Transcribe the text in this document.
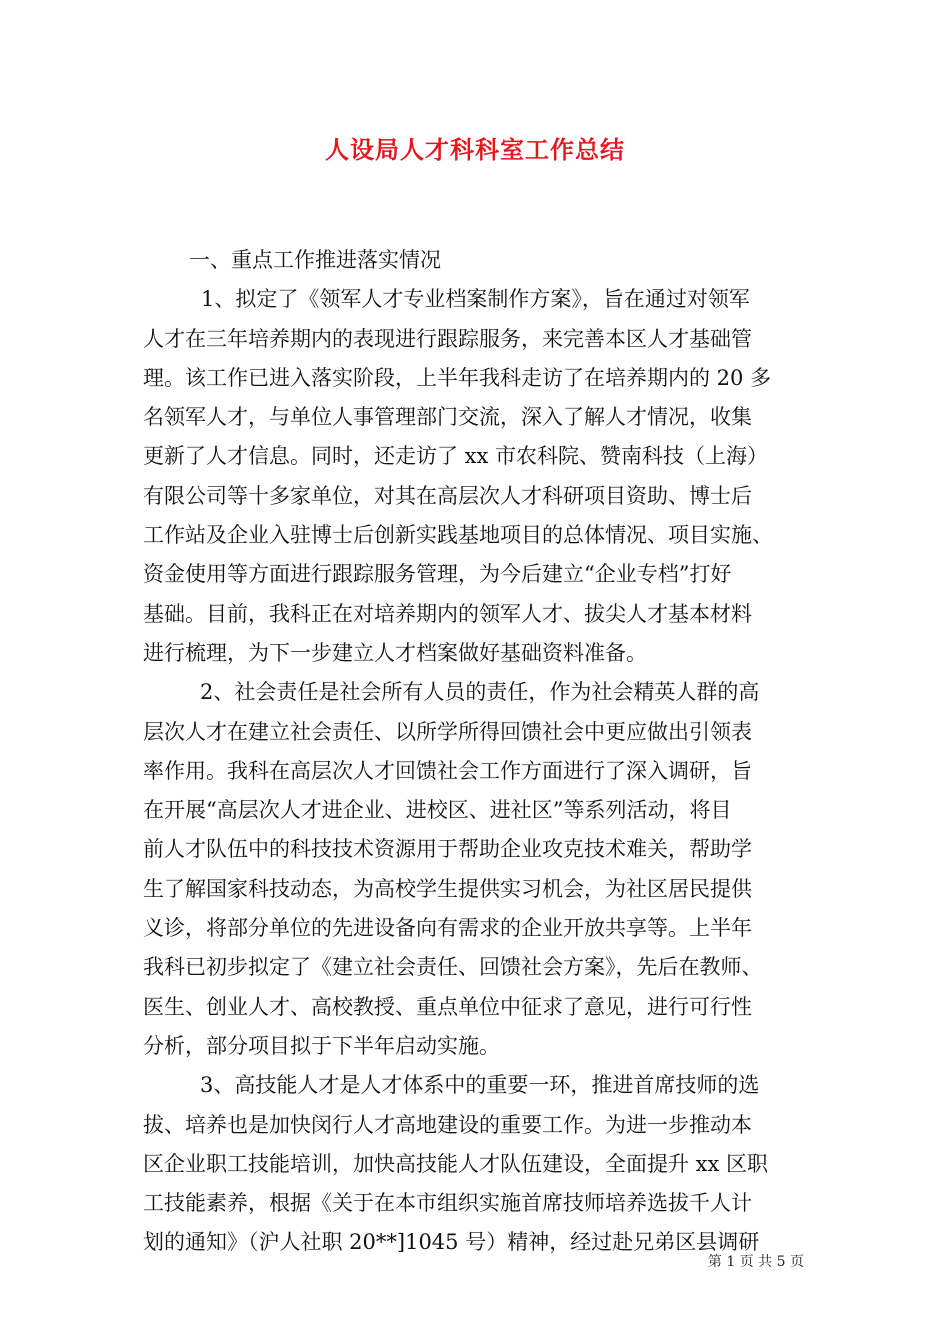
人设局人才科科室工作总结
一、重点工作推进落实情况
1、拟定了《领军人才专业档案制作方案》，旨在通过对领军
人才在三年培养期内的表现进行跟踪服务，来完善本区人才基础管
理。该工作已进入落实阶段，上半年我科走访了在培养期内的 20 多
名领军人才，与单位人事管理部门交流，深入了解人才情况，收集
更新了人才信息。同时，还走访了 xx 市农科院、赞南科技（上海）
有限公司等十多家单位，对其在高层次人才科研项目资助、博士后
工作站及企业入驻博士后创新实践基地项目的总体情况、项目实施、
资金使用等方面进行跟踪服务管理，为今后建立“企业专档”打好
基础。目前，我科正在对培养期内的领军人才、拔尖人才基本材料
进行梳理，为下一步建立人才档案做好基础资料准备。
2、社会责任是社会所有人员的责任，作为社会精英人群的高
层次人才在建立社会责任、以所学所得回馈社会中更应做出引领表
率作用。我科在高层次人才回馈社会工作方面进行了深入调研，旨
在开展“高层次人才进企业、进校区、进社区”等系列活动，将目
前人才队伍中的科技技术资源用于帮助企业攻克技术难关，帮助学
生了解国家科技动态，为高校学生提供实习机会，为社区居民提供
义诊，将部分单位的先进设备向有需求的企业开放共享等。上半年
我科已初步拟定了《建立社会责任、回馈社会方案》，先后在教师、
医生、创业人才、高校教授、重点单位中征求了意见，进行可行性
分析，部分项目拟于下半年启动实施。
3、高技能人才是人才体系中的重要一环，推进首席技师的选
拔、培养也是加快闵行人才高地建设的重要工作。为进一步推动本
区企业职工技能培训，加快高技能人才队伍建设，全面提升 xx 区职
工技能素养，根据《关于在本市组织实施首席技师培养选拔千人计
划的通知》（沪人社职 20**]1045 号）精神，经过赴兄弟区县调研
第 1 页 共 5 页
